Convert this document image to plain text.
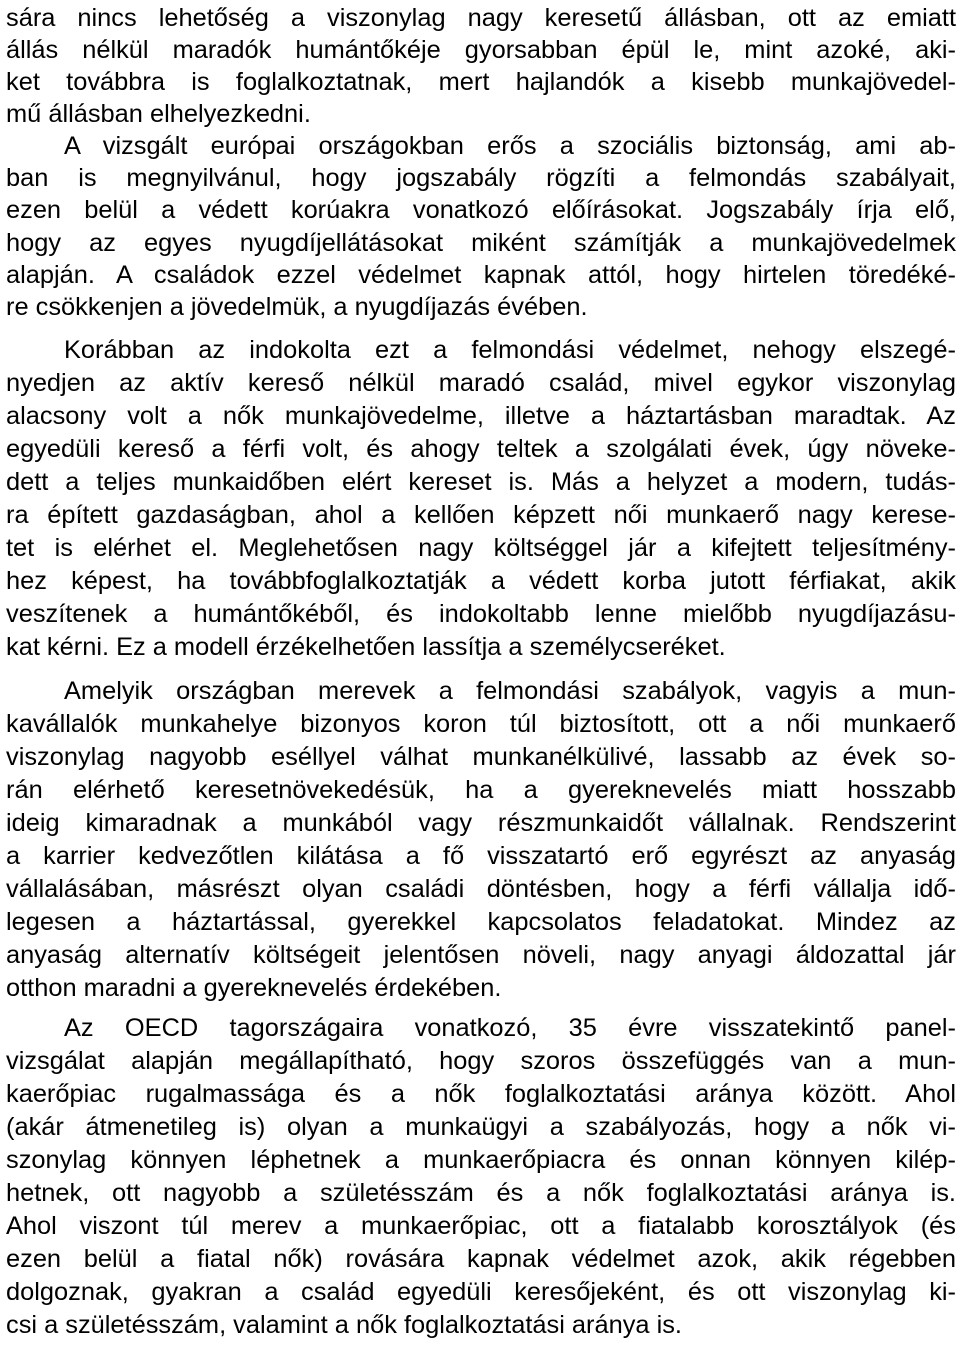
sára nincs lehetőség a viszonylag nagy keresetű állásban, ott az emiatt
állás nélkül maradók humántőkéje gyorsabban épül le, mint azoké, aki-
ket továbbra is foglalkoztatnak, mert hajlandók a kisebb munkajövedel-
mű állásban elhelyezkedni.
A vizsgált európai országokban erős a szociális biztonság, ami ab-
ban is megnyilvánul, hogy jogszabály rögzíti a felmondás szabályait,
ezen belül a védett korúakra vonatkozó előírásokat. Jogszabály írja elő,
hogy az egyes nyugdíjellátásokat miként számítják a munkajövedelmek
alapján. A családok ezzel védelmet kapnak attól, hogy hirtelen töredéké-
re csökkenjen a jövedelmük, a nyugdíjazás évében.
Korábban az indokolta ezt a felmondási védelmet, nehogy elszegé-
nyedjen az aktív kereső nélkül maradó család, mivel egykor viszonylag
alacsony volt a nők munkajövedelme, illetve a háztartásban maradtak. Az
egyedüli kereső a férfi volt, és ahogy teltek a szolgálati évek, úgy növeke-
dett a teljes munkaidőben elért kereset is. Más a helyzet a modern, tudás-
ra épített gazdaságban, ahol a kellően képzett női munkaerő nagy kerese-
tet is elérhet el. Meglehetősen nagy költséggel jár a kifejtett teljesítmény-
hez képest, ha továbbfoglalkoztatják a védett korba jutott férfiakat, akik
veszítenek a humántőkéből, és indokoltabb lenne mielőbb nyugdíjazásu-
kat kérni. Ez a modell érzékelhetően lassítja a személycseréket.
Amelyik országban merevek a felmondási szabályok, vagyis a mun-
kavállalók munkahelye bizonyos koron túl biztosított, ott a női munkaerő
viszonylag nagyobb eséllyel válhat munkanélkülivé, lassabb az évek so-
rán elérhető keresetnövekedésük, ha a gyereknevelés miatt hosszabb
ideig kimaradnak a munkából vagy részmunkaidőt vállalnak. Rendszerint
a karrier kedvezőtlen kilátása a fő visszatartó erő egyrészt az anyaság
vállalásában, másrészt olyan családi döntésben, hogy a férfi vállalja idő-
legesen a háztartással, gyerekkel kapcsolatos feladatokat. Mindez az
anyaság alternatív költségeit jelentősen növeli, nagy anyagi áldozattal jár
otthon maradni a gyereknevelés érdekében.
Az OECD tagországaira vonatkozó, 35 évre visszatekintő panel-
vizsgálat alapján megállapítható, hogy szoros összefüggés van a mun-
kaerőpiac rugalmassága és a nők foglalkoztatási aránya között. Ahol
(akár átmenetileg is) olyan a munkaügyi a szabályozás, hogy a nők vi-
szonylag könnyen léphetnek a munkaerőpiacra és onnan könnyen kilép-
hetnek, ott nagyobb a születésszám és a nők foglalkoztatási aránya is.
Ahol viszont túl merev a munkaerőpiac, ott a fiatalabb korosztályok (és
ezen belül a fiatal nők) rovására kapnak védelmet azok, akik régebben
dolgoznak, gyakran a család egyedüli keresőjeként, és ott viszonylag ki-
csi a születésszám, valamint a nők foglalkoztatási aránya is.
